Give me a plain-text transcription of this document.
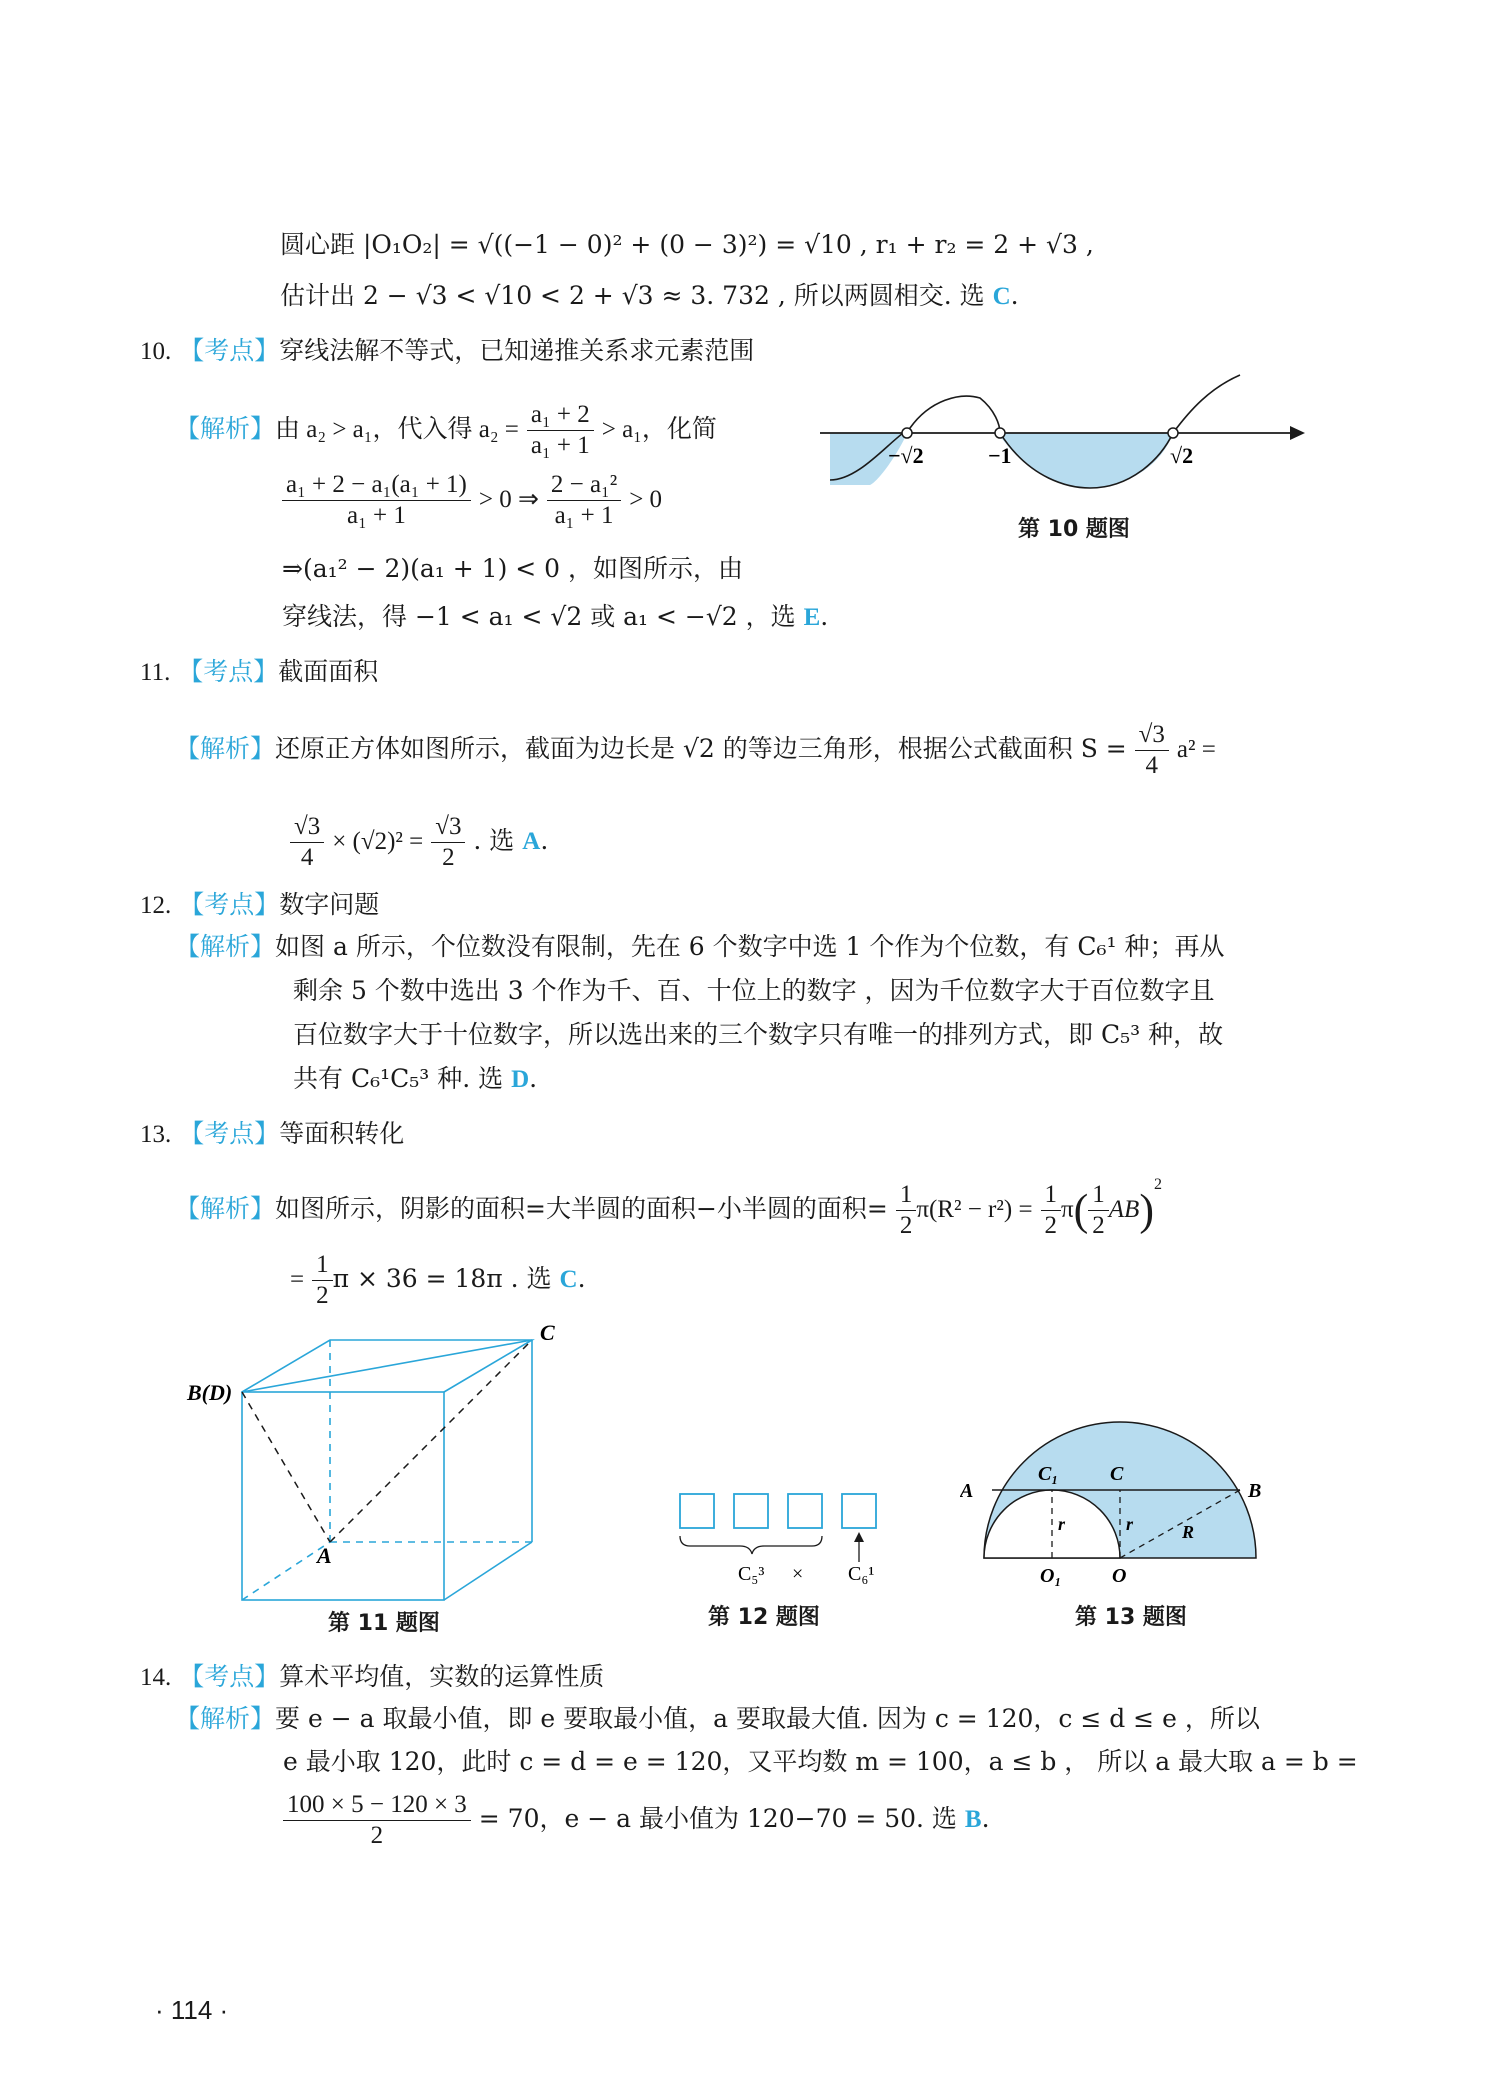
圆心距 |O₁O₂| = √((−1 − 0)² + (0 − 3)²) = √10 , r₁ + r₂ = 2 + √3 ,
估计出 2 − √3 < √10 < 2 + √3 ≈ 3. 732 , 所以两圆相交. 选 C.
10. 【考点】穿线法解不等式，已知递推关系求元素范围
【解析】由 a₂ > a₁，代入得 $a_2 = \frac{\text{a₁ + 2}}{\text{a₁ + 1}} > a_1$，化简
$\frac{\text{a₁ + 2 − a₁(a₁ + 1)}}{\text{a₁ + 1}} > 0$ ⇒ $\frac{\text{2 − a₁²}}{\text{a₁ + 1}} > 0$
⇒(a₁² − 2)(a₁ + 1) < 0 ，如图所示，由
穿线法，得 −1 < a₁ < √2 或 a₁ < −√2 ，选 E.
−√2	−1	√2
第 10 题图
11. 【考点】截面面积
【解析】还原正方体如图所示，截面为边长是 √2 的等边三角形，根据公式截面积 $S = \frac{√3}{4} a^2$ =
$\frac{√3}{4} \times (√2)^2 = \frac{√3}{2}$ . 选 A.
12. 【考点】数字问题
【解析】如图 a 所示，个位数没有限制，先在 6 个数字中选 1 个作为个位数，有 C₆¹ 种；再从
剩余 5 个数中选出 3 个作为千、百、十位上的数字 ，因为千位数字大于百位数字且
百位数字大于十位数字，所以选出来的三个数字只有唯一的排列方式，即 C₅³ 种，故
共有 C₆¹C₅³ 种. 选 D.
13. 【考点】等面积转化
【解析】如图所示，阴影的面积=大半圆的面积−小半圆的面积= $\frac{1}{2} \pi(R^2 - r^2) = \frac{1}{2} \pi( \frac{1}{2} AB)^2$
= $\frac{1}{2}$ π × 36 = 18π . 选 C.
B(D)
C
A
第 11 题图
C₅³ × C₆¹
第 12 题图
A	B
C₁	C
r	r	R
O₁	O
第 13 题图
14. 【考点】算术平均值，实数的运算性质
【解析】要 e − a 取最小值，即 e 要取最小值，a 要取最大值. 因为 c = 120，c ≤ d ≤ e ，所以
e 最小取 120，此时 c = d = e = 120，又平均数 m = 100，a ≤ b ， 所以 a 最大取 a = b =
$\frac{100 \times 5 - 120 \times 3}{2} = 70$，e − a 最小值为 120−70 = 50. 选 B.
· 114 ·
